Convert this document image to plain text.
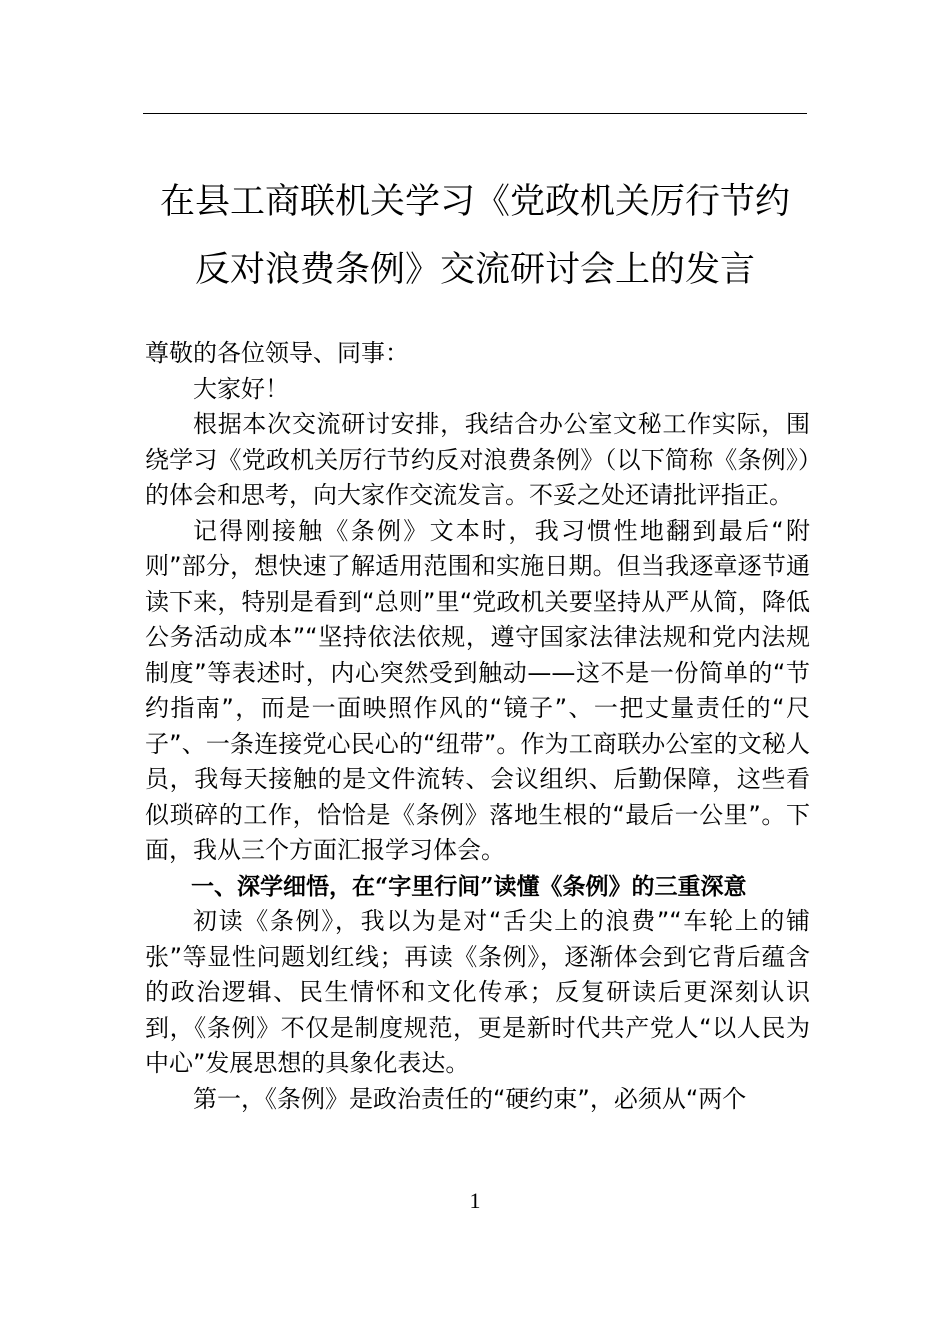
在县工商联机关学习《党政机关厉行节约
反对浪费条例》交流研讨会上的发言

尊敬的各位领导、同事：

大家好！

根据本次交流研讨安排，我结合办公室文秘工作实际，围绕学习《党政机关厉行节约反对浪费条例》（以下简称《条例》）的体会和思考，向大家作交流发言。不妥之处还请批评指正。

记得刚接触《条例》文本时，我习惯性地翻到最后“附则”部分，想快速了解适用范围和实施日期。但当我逐章逐节通读下来，特别是看到“总则”里“党政机关要坚持从严从简，降低公务活动成本”“坚持依法依规，遵守国家法律法规和党内法规制度”等表述时，内心突然受到触动——这不是一份简单的“节约指南”，而是一面映照作风的“镜子”、一把丈量责任的“尺子”、一条连接党心民心的“纽带”。作为工商联办公室的文秘人员，我每天接触的是文件流转、会议组织、后勤保障，这些看似琐碎的工作，恰恰是《条例》落地生根的“最后一公里”。下面，我从三个方面汇报学习体会。

一、深学细悟，在“字里行间”读懂《条例》的三重深意

初读《条例》，我以为是对“舌尖上的浪费”“车轮上的铺张”等显性问题划红线；再读《条例》，逐渐体会到它背后蕴含的政治逻辑、民生情怀和文化传承；反复研读后更深刻认识到，《条例》不仅是制度规范，更是新时代共产党人“以人民为中心”发展思想的具象化表达。

第一，《条例》是政治责任的“硬约束”，必须从“两个

1
